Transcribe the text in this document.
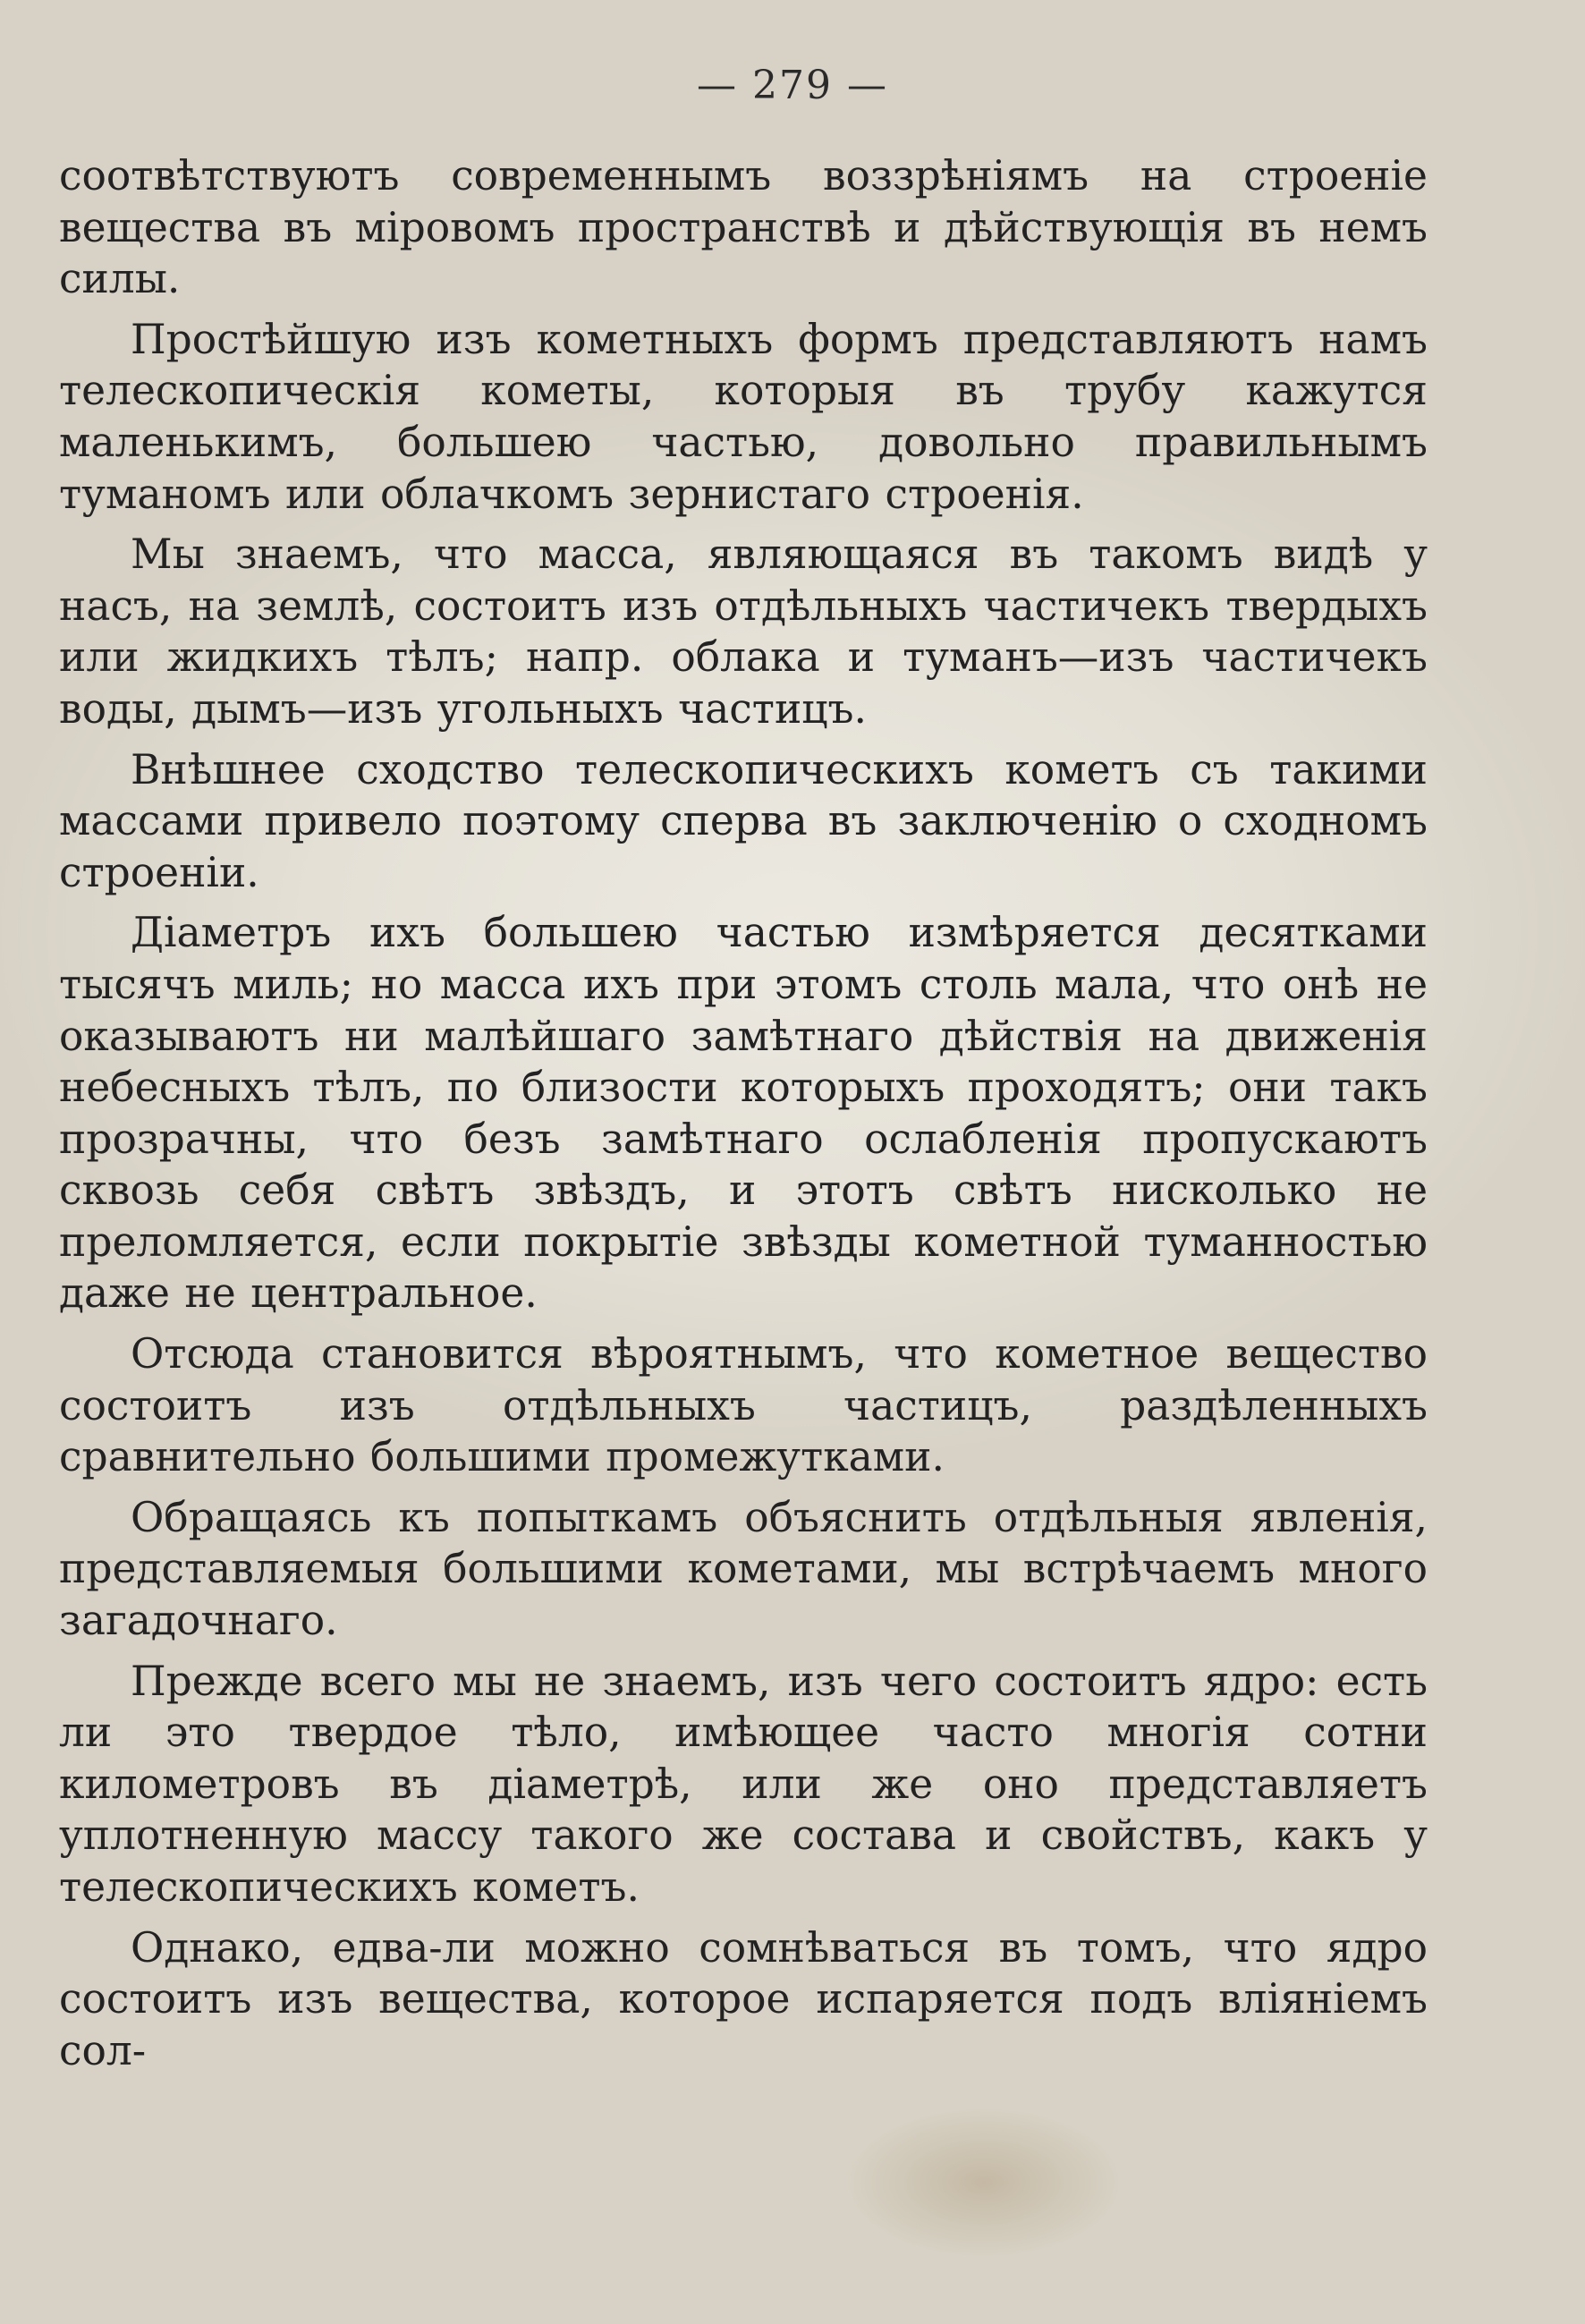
— 279 —

соотвѣтствуютъ современнымъ воззрѣніямъ на строеніе вещества въ міровомъ пространствѣ и дѣйствующія въ немъ силы.

Простѣйшую изъ кометныхъ формъ представляютъ намъ телескопическія кометы, которыя въ трубу кажутся маленькимъ, большею частью, довольно правильнымъ туманомъ или облачкомъ зернистаго строенія.

Мы знаемъ, что масса, являющаяся въ такомъ видѣ у насъ, на землѣ, состоитъ изъ отдѣльныхъ частичекъ твердыхъ или жидкихъ тѣлъ; напр. облака и туманъ—изъ частичекъ воды, дымъ—изъ угольныхъ частицъ.

Внѣшнее сходство телескопическихъ кометъ съ такими массами привело поэтому сперва въ заключенію о сходномъ строеніи.

Діаметръ ихъ большею частью измѣряется десятками тысячъ миль; но масса ихъ при этомъ столь мала, что онѣ не оказываютъ ни малѣйшаго замѣтнаго дѣйствія на движенія небесныхъ тѣлъ, по близости которыхъ проходятъ; они такъ прозрачны, что безъ замѣтнаго ослабленія пропускаютъ сквозь себя свѣтъ звѣздъ, и этотъ свѣтъ нисколько не преломляется, если покрытіе звѣзды кометной туманностью даже не центральное.

Отсюда становится вѣроятнымъ, что кометное вещество состоитъ изъ отдѣльныхъ частицъ, раздѣленныхъ сравнительно большими промежутками.

Обращаясь къ попыткамъ объяснить отдѣльныя явленія, представляемыя большими кометами, мы встрѣчаемъ много загадочнаго.

Прежде всего мы не знаемъ, изъ чего состоитъ ядро: есть ли это твердое тѣло, имѣющее часто многія сотни километровъ въ діаметрѣ, или же оно представляетъ уплотненную массу такого же состава и свойствъ, какъ у телескопическихъ кометъ.

Однако, едва-ли можно сомнѣваться въ томъ, что ядро состоитъ изъ вещества, которое испаряется подъ вліяніемъ сол-
